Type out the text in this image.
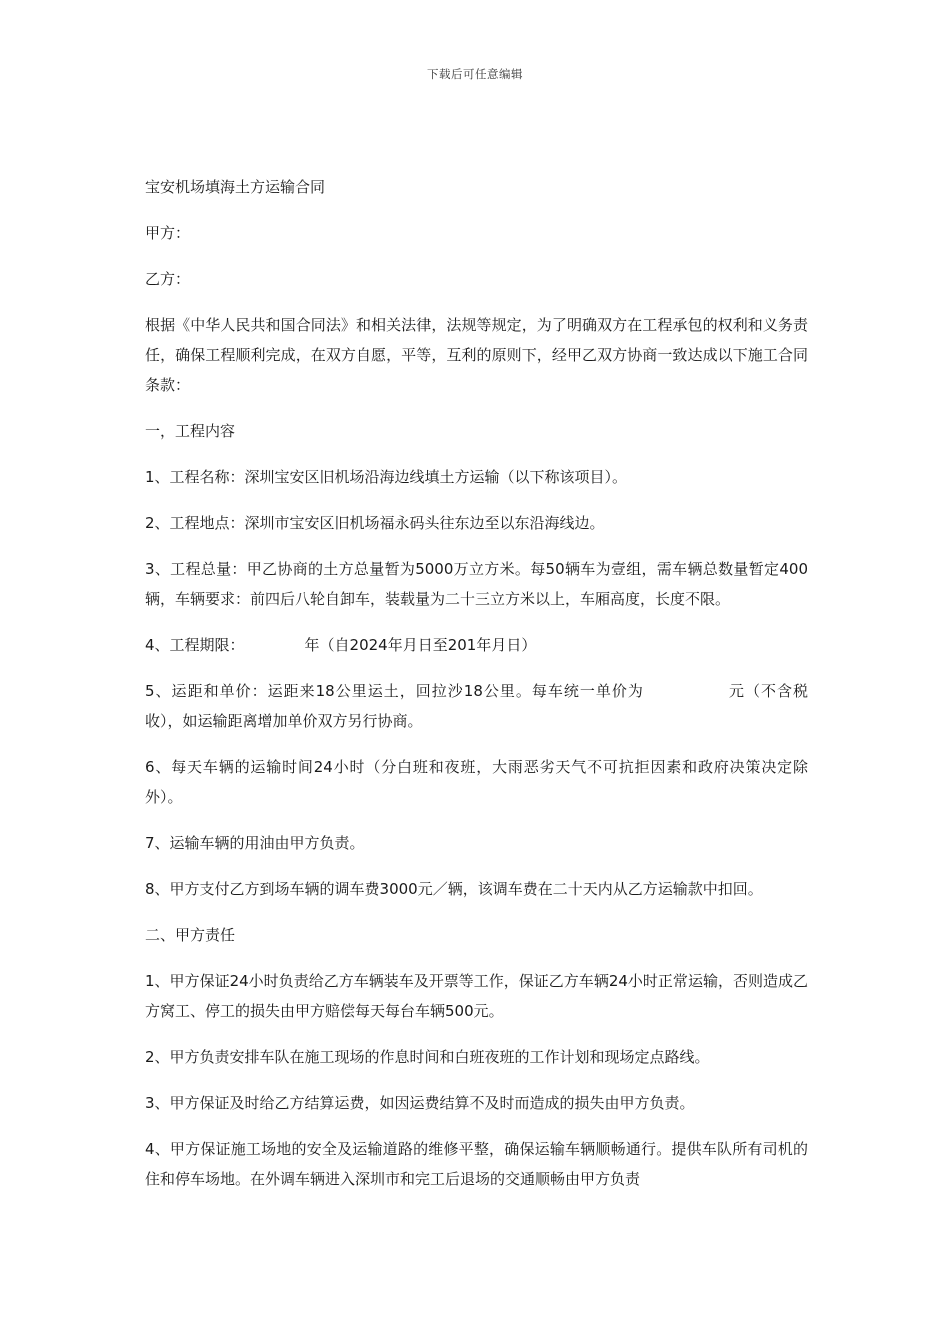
下载后可任意编辑

宝安机场填海土方运输合同

甲方：

乙方：

根据《中华人民共和国合同法》和相关法律，法规等规定，为了明确双方在工程承包的权利和义务责任，确保工程顺利完成，在双方自愿，平等，互利的原则下，经甲乙双方协商一致达成以下施工合同条款：

一，工程内容

1、工程名称：深圳宝安区旧机场沿海边线填土方运输（以下称该项目）。

2、工程地点：深圳市宝安区旧机场福永码头往东边至以东沿海线边。

3、工程总量：甲乙协商的土方总量暂为5000万立方米。每50辆车为壹组，需车辆总数量暂定400辆，车辆要求：前四后八轮自卸车，装载量为二十三立方米以上，车厢高度，长度不限。

4、工程期限：	年（自2024年月日至201年月日）

5、运距和单价：运距来18公里运土，回拉沙18公里。每车统一单价为	元（不含税收），如运输距离增加单价双方另行协商。

6、每天车辆的运输时间24小时（分白班和夜班，大雨恶劣天气不可抗拒因素和政府决策决定除外）。

7、运输车辆的用油由甲方负责。

8、甲方支付乙方到场车辆的调车费3000元／辆，该调车费在二十天内从乙方运输款中扣回。

二、甲方责任

1、甲方保证24小时负责给乙方车辆装车及开票等工作，保证乙方车辆24小时正常运输，否则造成乙方窝工、停工的损失由甲方赔偿每天每台车辆500元。

2、甲方负责安排车队在施工现场的作息时间和白班夜班的工作计划和现场定点路线。

3、甲方保证及时给乙方结算运费，如因运费结算不及时而造成的损失由甲方负责。

4、甲方保证施工场地的安全及运输道路的维修平整，确保运输车辆顺畅通行。提供车队所有司机的住和停车场地。在外调车辆进入深圳市和完工后退场的交通顺畅由甲方负责
